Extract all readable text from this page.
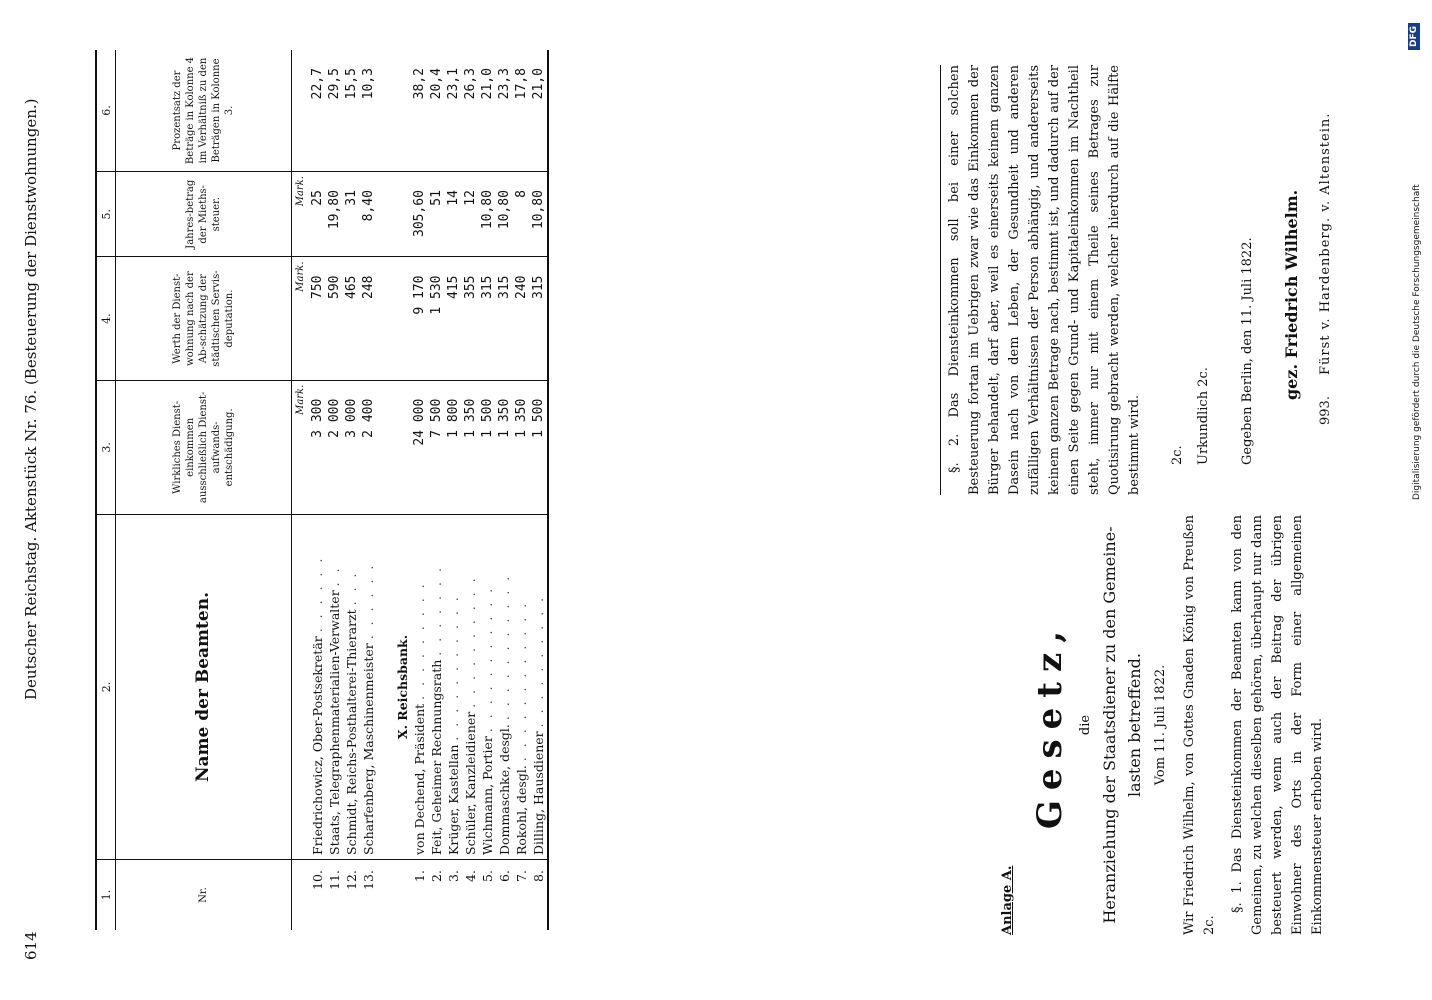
614
Deutscher Reichstag. Aktenstück Nr. 76. (Besteuerung der Dienstwohnungen.)
1.	2.	3.	4.	5.	6.
Nr.	Name der Beamten.	Wirkliches Dienst-einkommen ausschließlich Dienst-aufwands-entschädigung.	Werth der Dienst-wohnung nach der Ab-schätzung der städtischen Servis-deputation.	Jahres-betrag der Mieths-steuer.	Prozentsatz der Beträge in Kolonne 4 im Verhältniß zu den Beträgen in Kolonne 3.
		Mark.	Mark.	Mark.	
10.	Friedrichowicz, Ober-Postsekretär . . . . . .	3 300	750	25	22,7
11.	Staats, Telegraphenmaterialien-Verwalter . .	2 000	590	19,80	29,5
12.	Schmidt, Reichs-Posthalterei-Thierarzt . . .	3 000	465	31	15,5
13.	Scharfenberg, Maschinenmeister . . . . . .	2 400	248	8,40	10,3

	X. Reichsbank.				
1.	von Dechend, Präsident . . . . . . . . .	24 000	9 170	305,60	38,2
2.	Feit, Geheimer Rechnungsrath . . . . . . .	7 500	1 530	51	20,4
3.	Krüger, Kastellan . . . . . . . . . . .	1 800	415	14	23,1
4.	Schüler, Kanzleidiener . . . . . . . . . .	1 350	355	12	26,3
5.	Wichmann, Portier . . . . . . . . . . .	1 500	315	10,80	21,0
6.	Dommaschke, desgl. . . . . . . . . . . .	1 350	315	10,80	23,3
7.	Rokohl, desgl. . . . . . . . . . . . .	1 350	240	8	17,8
8.	Dilling, Hausdiener . . . . . . . . . .	1 500	315	10,80	21,0
Anlage A.
Gesetz, die Heranziehung der Staatsdiener zu den Gemeine- lasten betreffend. Vom 11. Juli 1822. Wir Friedrich Wilhelm, von Gottes Gnaden König von Preußen 2c.
§. 1. Das Diensteinkommen der Beamten kann von den Gemeinen, zu welchen dieselben gehören, überhaupt nur dann besteuert werden, wenn auch der Beitrag der übrigen Einwohner des Orts in der Form einer allgemeinen Einkommensteuer erhoben wird.
§. 2. Das Diensteinkommen soll bei einer solchen Besteuerung fortan im Uebrigen zwar wie das Einkommen der Bürger behandelt, darf aber, weil es einerseits keinem ganzen Dasein nach von dem Leben, der Gesundheit und anderen zufälligen Verhältnissen der Person abhängig, und andererseits keinem ganzen Betrage nach, bestimmt ist, und dadurch auf der einen Seite gegen Grund- und Kapitaleinkommen im Nachtheil steht, immer nur mit einem Theile seines Betrages zur Quotisirung gebracht werden, welcher hierdurch auf die Hälfte bestimmt wird. 2c. Urkundlich 2c. Gegeben Berlin, den 11. Juli 1822. gez. Friedrich Wilhelm.
993.
Fürst v. Hardenberg. v. Altenstein.	Digitalisierung gefördert durch die Deutsche Forschungsgemeinschaft
DFG
